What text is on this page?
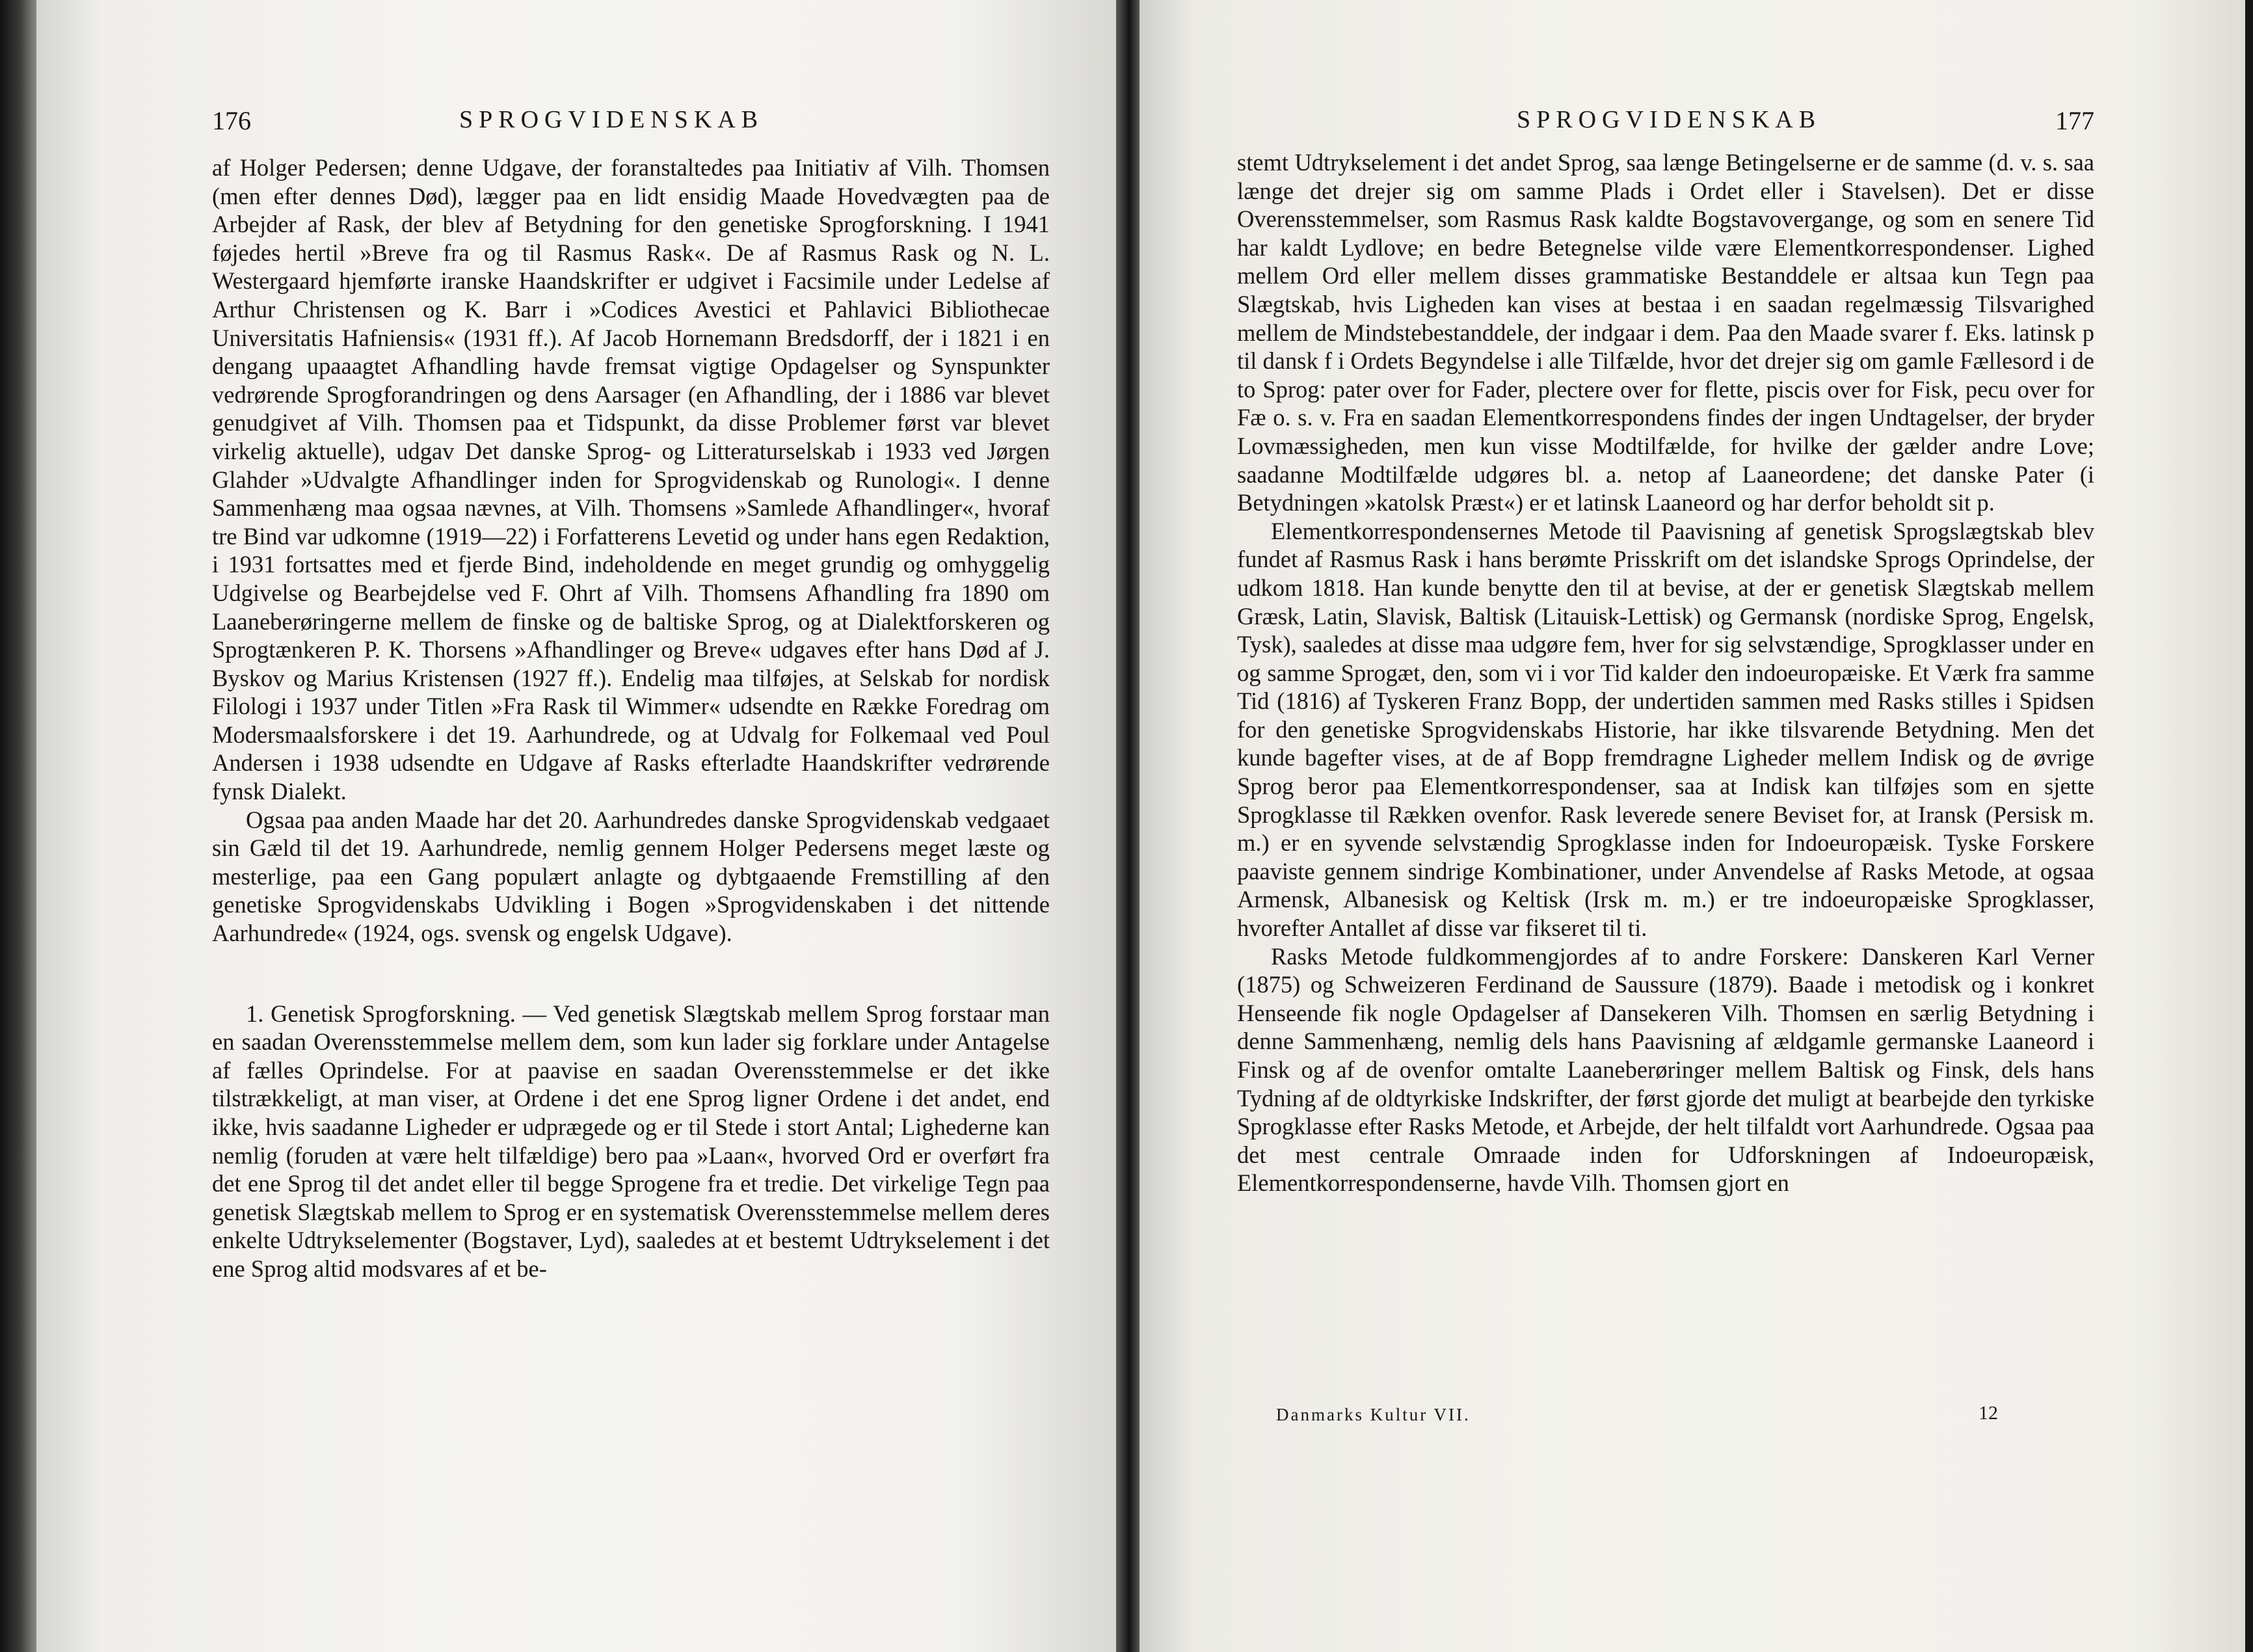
176	SPROGVIDENSKAB

af Holger Pedersen; denne Udgave, der foranstaltedes paa Initiativ af Vilh. Thomsen (men efter dennes Død), lægger paa en lidt ensidig Maade Hovedvægten paa de Arbejder af Rask, der blev af Betydning for den genetiske Sprogforskning. I 1941 føjedes hertil »Breve fra og til Rasmus Rask«. De af Rasmus Rask og N. L. Westergaard hjemførte iranske Haandskrifter er udgivet i Facsimile under Ledelse af Arthur Christensen og K. Barr i »Codices Avestici et Pahlavici Bibliothecae Universitatis Hafniensis« (1931 ff.). Af Jacob Hornemann Bredsdorff, der i 1821 i en dengang upaaagtet Afhandling havde fremsat vigtige Opdagelser og Synspunkter vedrørende Sprogforandringen og dens Aarsager (en Afhandling, der i 1886 var blevet genudgivet af Vilh. Thomsen paa et Tidspunkt, da disse Problemer først var blevet virkelig aktuelle), udgav Det danske Sprog- og Litteraturselskab i 1933 ved Jørgen Glahder »Udvalgte Afhandlinger inden for Sprogvidenskab og Runologi«. I denne Sammenhæng maa ogsaa nævnes, at Vilh. Thomsens »Samlede Afhandlinger«, hvoraf tre Bind var udkomne (1919—22) i Forfatterens Levetid og under hans egen Redaktion, i 1931 fortsattes med et fjerde Bind, indeholdende en meget grundig og omhyggelig Udgivelse og Bearbejdelse ved F. Ohrt af Vilh. Thomsens Afhandling fra 1890 om Laaneberøringerne mellem de finske og de baltiske Sprog, og at Dialektforskeren og Sprogtænkeren P. K. Thorsens »Afhandlinger og Breve« udgaves efter hans Død af J. Byskov og Marius Kristensen (1927 ff.). Endelig maa tilføjes, at Selskab for nordisk Filologi i 1937 under Titlen »Fra Rask til Wimmer« udsendte en Række Foredrag om Modersmaalsforskere i det 19. Aarhundrede, og at Udvalg for Folkemaal ved Poul Andersen i 1938 udsendte en Udgave af Rasks efterladte Haandskrifter vedrørende fynsk Dialekt.

Ogsaa paa anden Maade har det 20. Aarhundredes danske Sprogvidenskab vedgaaet sin Gæld til det 19. Aarhundrede, nemlig gennem Holger Pedersens meget læste og mesterlige, paa een Gang populært anlagte og dybtgaaende Fremstilling af den genetiske Sprogvidenskabs Udvikling i Bogen »Sprogvidenskaben i det nittende Aarhundrede« (1924, ogs. svensk og engelsk Udgave).

1. Genetisk Sprogforskning. — Ved genetisk Slægtskab mellem Sprog forstaar man en saadan Overensstemmelse mellem dem, som kun lader sig forklare under Antagelse af fælles Oprindelse. For at paavise en saadan Overensstemmelse er det ikke tilstrækkeligt, at man viser, at Ordene i det ene Sprog ligner Ordene i det andet, end ikke, hvis saadanne Ligheder er udprægede og er til Stede i stort Antal; Lighederne kan nemlig (foruden at være helt tilfældige) bero paa »Laan«, hvorved Ord er overført fra det ene Sprog til det andet eller til begge Sprogene fra et tredie. Det virkelige Tegn paa genetisk Slægtskab mellem to Sprog er en systematisk Overensstemmelse mellem deres enkelte Udtrykselementer (Bogstaver, Lyd), saaledes at et bestemt Udtrykselement i det ene Sprog altid modsvares af et be-

SPROGVIDENSKAB	177

stemt Udtrykselement i det andet Sprog, saa længe Betingelserne er de samme (d. v. s. saa længe det drejer sig om samme Plads i Ordet eller i Stavelsen). Det er disse Overensstemmelser, som Rasmus Rask kaldte Bogstavovergange, og som en senere Tid har kaldt Lydlove; en bedre Betegnelse vilde være Elementkorrespondenser. Lighed mellem Ord eller mellem disses grammatiske Bestanddele er altsaa kun Tegn paa Slægtskab, hvis Ligheden kan vises at bestaa i en saadan regelmæssig Tilsvarighed mellem de Mindstebestanddele, der indgaar i dem. Paa den Maade svarer f. Eks. latinsk p til dansk f i Ordets Begyndelse i alle Tilfælde, hvor det drejer sig om gamle Fællesord i de to Sprog: pater over for Fader, plectere over for flette, piscis over for Fisk, pecu over for Fæ o. s. v. Fra en saadan Elementkorrespondens findes der ingen Undtagelser, der bryder Lovmæssigheden, men kun visse Modtilfælde, for hvilke der gælder andre Love; saadanne Modtilfælde udgøres bl. a. netop af Laaneordene; det danske Pater (i Betydningen »katolsk Præst«) er et latinsk Laaneord og har derfor beholdt sit p.

Elementkorrespondensernes Metode til Paavisning af genetisk Sprogslægtskab blev fundet af Rasmus Rask i hans berømte Prisskrift om det islandske Sprogs Oprindelse, der udkom 1818. Han kunde benytte den til at bevise, at der er genetisk Slægtskab mellem Græsk, Latin, Slavisk, Baltisk (Litauisk-Lettisk) og Germansk (nordiske Sprog, Engelsk, Tysk), saaledes at disse maa udgøre fem, hver for sig selvstændige, Sprogklasser under en og samme Sprogæt, den, som vi i vor Tid kalder den indoeuropæiske. Et Værk fra samme Tid (1816) af Tyskeren Franz Bopp, der undertiden sammen med Rasks stilles i Spidsen for den genetiske Sprogvidenskabs Historie, har ikke tilsvarende Betydning. Men det kunde bagefter vises, at de af Bopp fremdragne Ligheder mellem Indisk og de øvrige Sprog beror paa Elementkorrespondenser, saa at Indisk kan tilføjes som en sjette Sprogklasse til Rækken ovenfor. Rask leverede senere Beviset for, at Iransk (Persisk m. m.) er en syvende selvstændig Sprogklasse inden for Indoeuropæisk. Tyske Forskere paaviste gennem sindrige Kombinationer, under Anvendelse af Rasks Metode, at ogsaa Armensk, Albanesisk og Keltisk (Irsk m. m.) er tre indoeuropæiske Sprogklasser, hvorefter Antallet af disse var fikseret til ti.

Rasks Metode fuldkommengjordes af to andre Forskere: Danskeren Karl Verner (1875) og Schweizeren Ferdinand de Saussure (1879). Baade i metodisk og i konkret Henseende fik nogle Opdagelser af Dansekeren Vilh. Thomsen en særlig Betydning i denne Sammenhæng, nemlig dels hans Paavisning af ældgamle germanske Laaneord i Finsk og af de ovenfor omtalte Laaneberøringer mellem Baltisk og Finsk, dels hans Tydning af de oldtyrkiske Indskrifter, der først gjorde det muligt at bearbejde den tyrkiske Sprogklasse efter Rasks Metode, et Arbejde, der helt tilfaldt vort Aarhundrede. Ogsaa paa det mest centrale Omraade inden for Udforskningen af Indoeuropæisk, Elementkorrespondenserne, havde Vilh. Thomsen gjort en

Danmarks Kultur VII.	12
